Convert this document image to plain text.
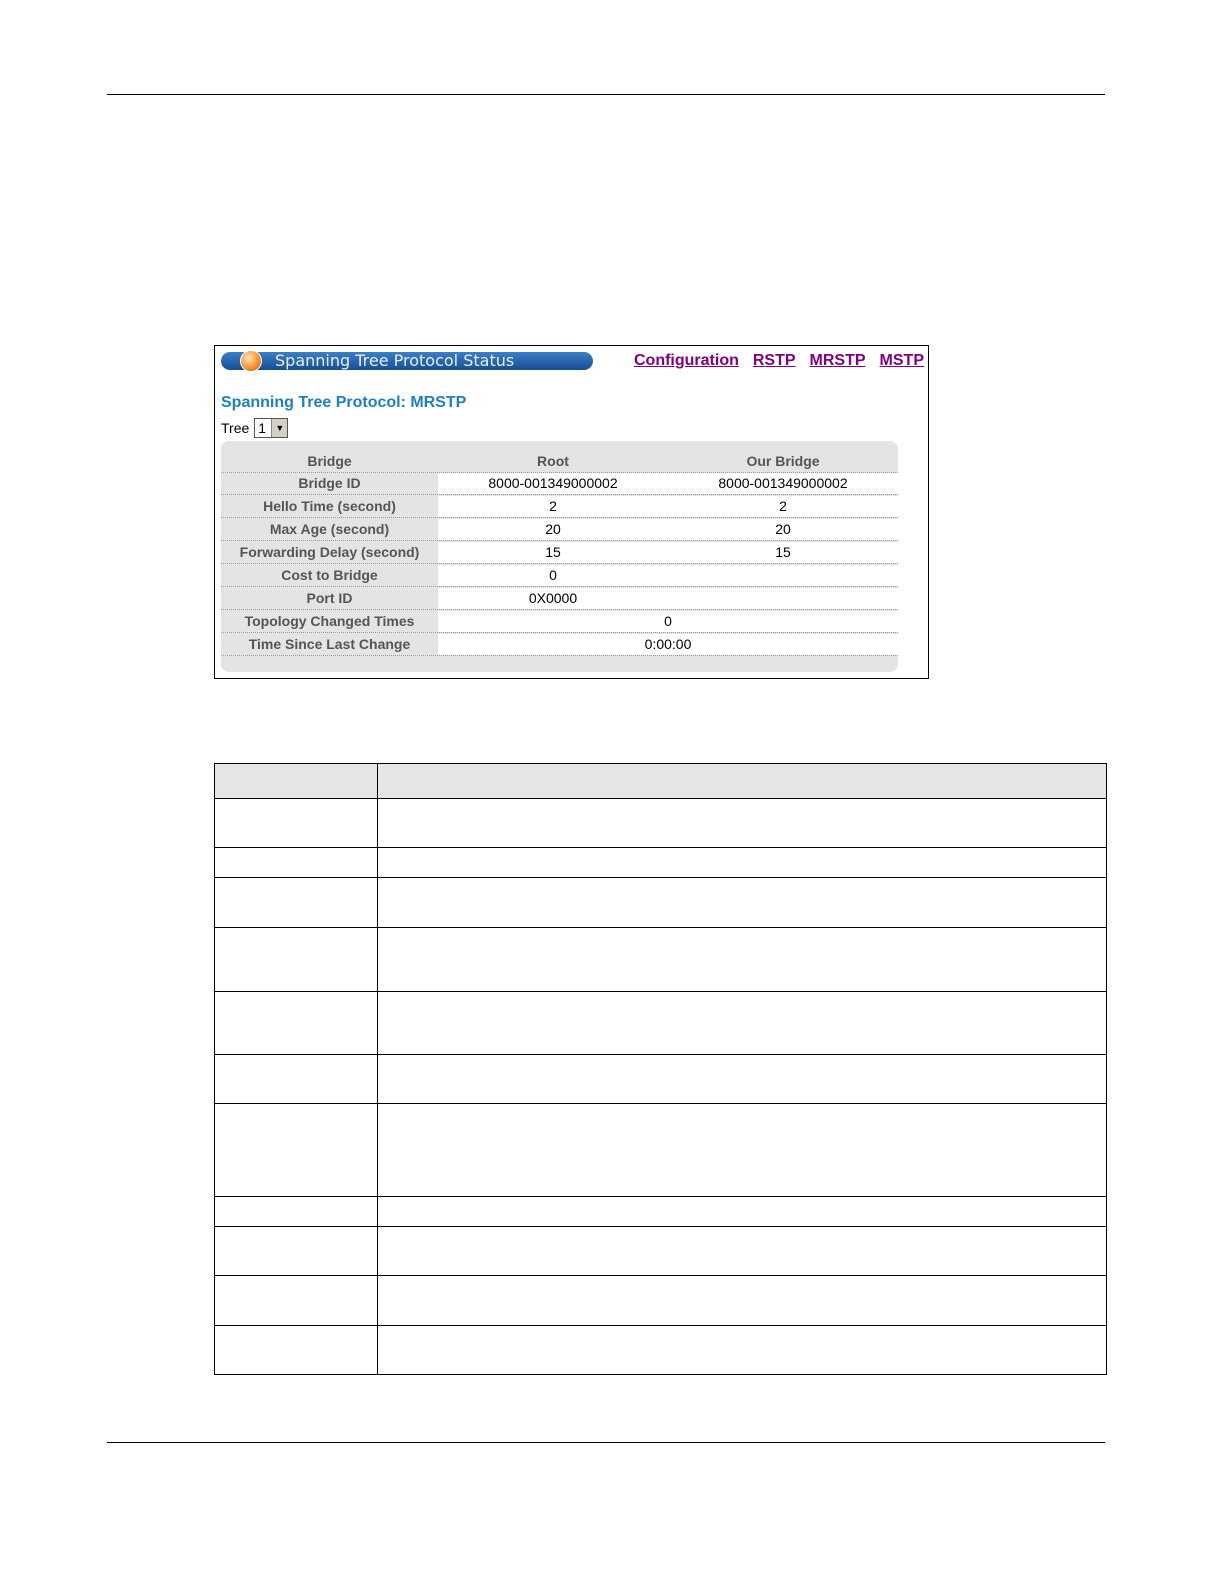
Spanning Tree Protocol Status	Configuration RSTP MRSTP MSTP
Spanning Tree Protocol: MRSTP
Tree 1	▼
Bridge	Root	Our Bridge
Bridge ID	8000-001349000002	8000-001349000002
Hello Time (second)	2	2
Max Age (second)	20	20
Forwarding Delay (second)	15	15
Cost to Bridge	0
Port ID	0X0000
Topology Changed Times	0
Time Since Last Change	0:00:00
